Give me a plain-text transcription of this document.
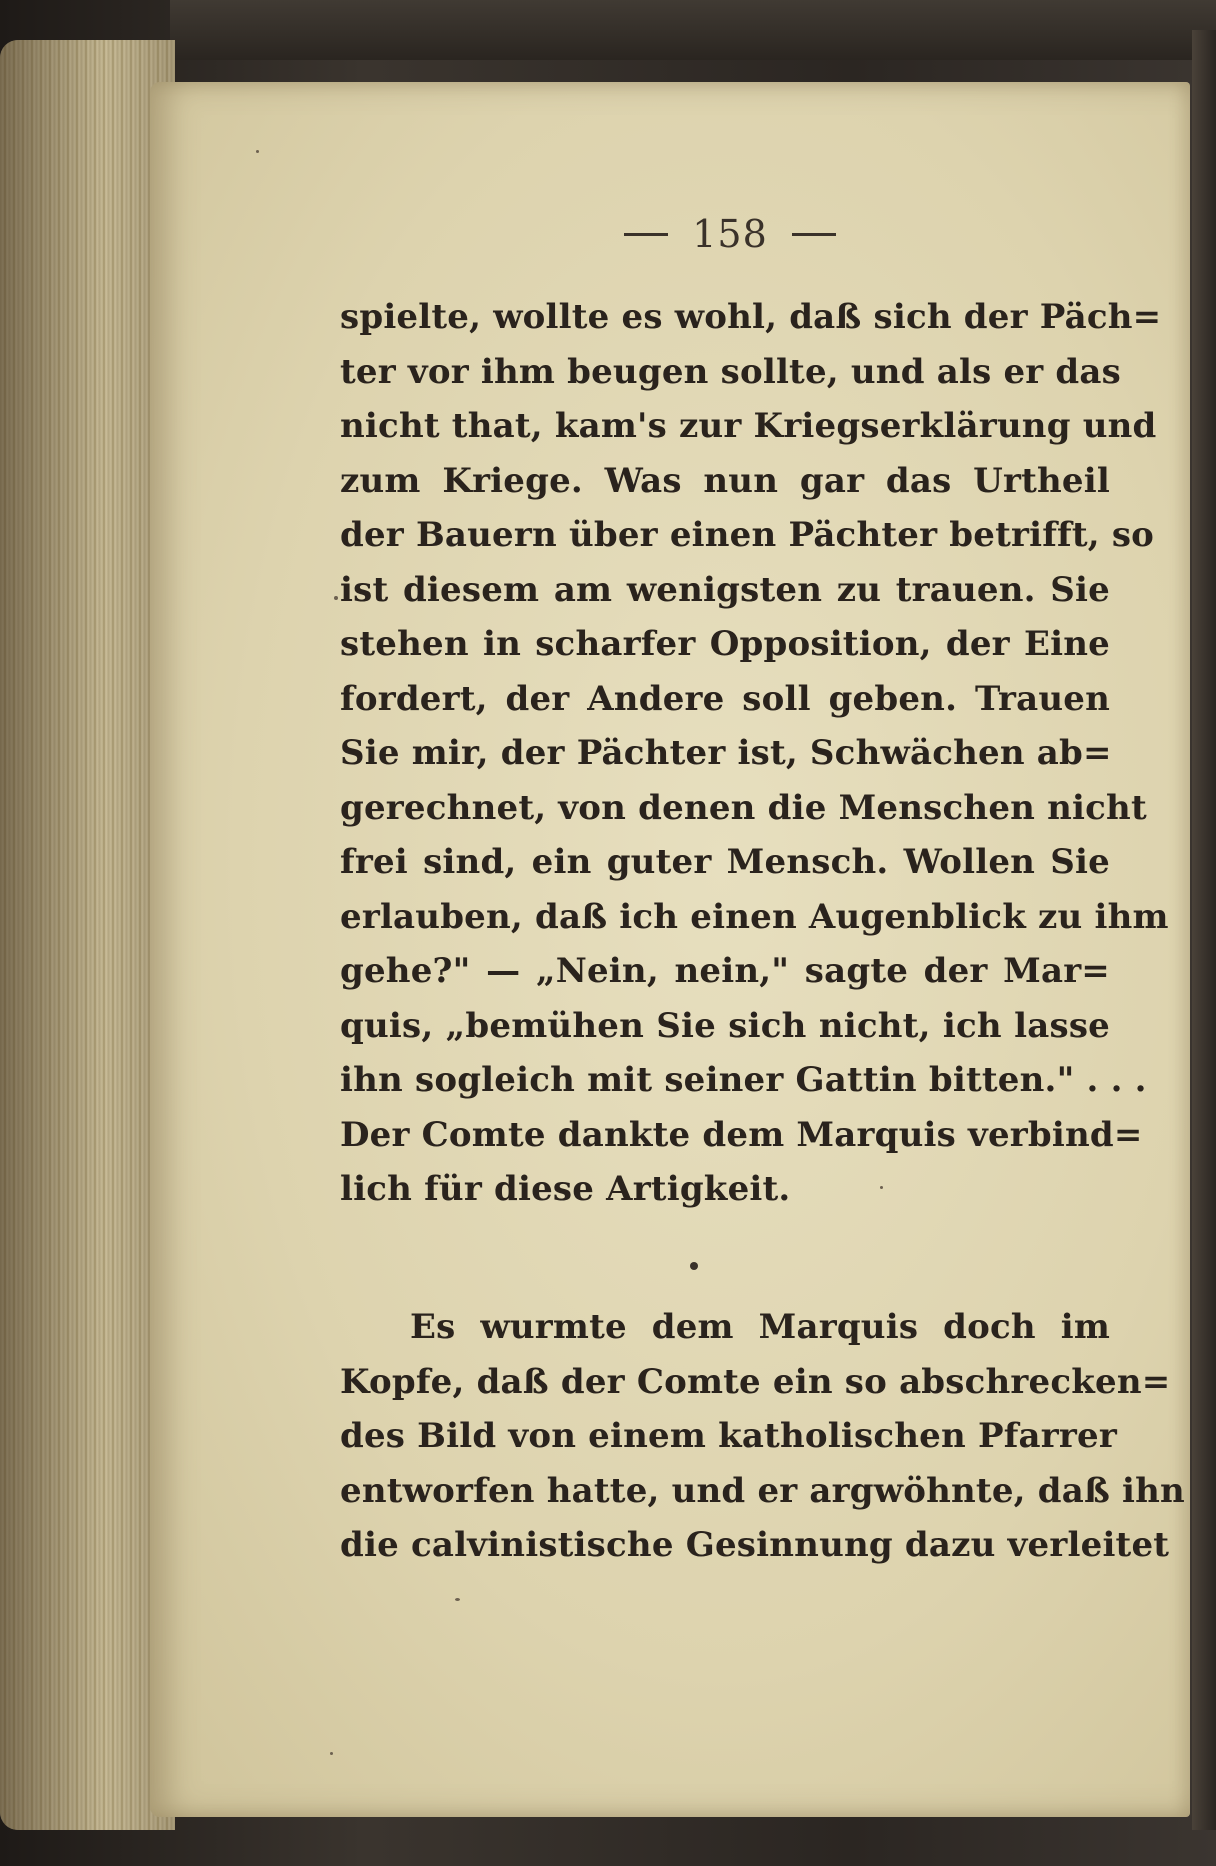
158
spielte, wollte es wohl, daß sich der Päch=
ter vor ihm beugen sollte, und als er das
nicht that, kam's zur Kriegserklärung und
zum Kriege. Was nun gar das Urtheil
der Bauern über einen Pächter betrifft, so
ist diesem am wenigsten zu trauen. Sie
stehen in scharfer Opposition, der Eine
fordert, der Andere soll geben. Trauen
Sie mir, der Pächter ist, Schwächen ab=
gerechnet, von denen die Menschen nicht
frei sind, ein guter Mensch. Wollen Sie
erlauben, daß ich einen Augenblick zu ihm
gehe?" — „Nein, nein," sagte der Mar=
quis, „bemühen Sie sich nicht, ich lasse
ihn sogleich mit seiner Gattin bitten." . . .
Der Comte dankte dem Marquis verbind=
lich für diese Artigkeit.
Es wurmte dem Marquis doch im
Kopfe, daß der Comte ein so abschrecken=
des Bild von einem katholischen Pfarrer
entworfen hatte, und er argwöhnte, daß ihn
die calvinistische Gesinnung dazu verleitet
